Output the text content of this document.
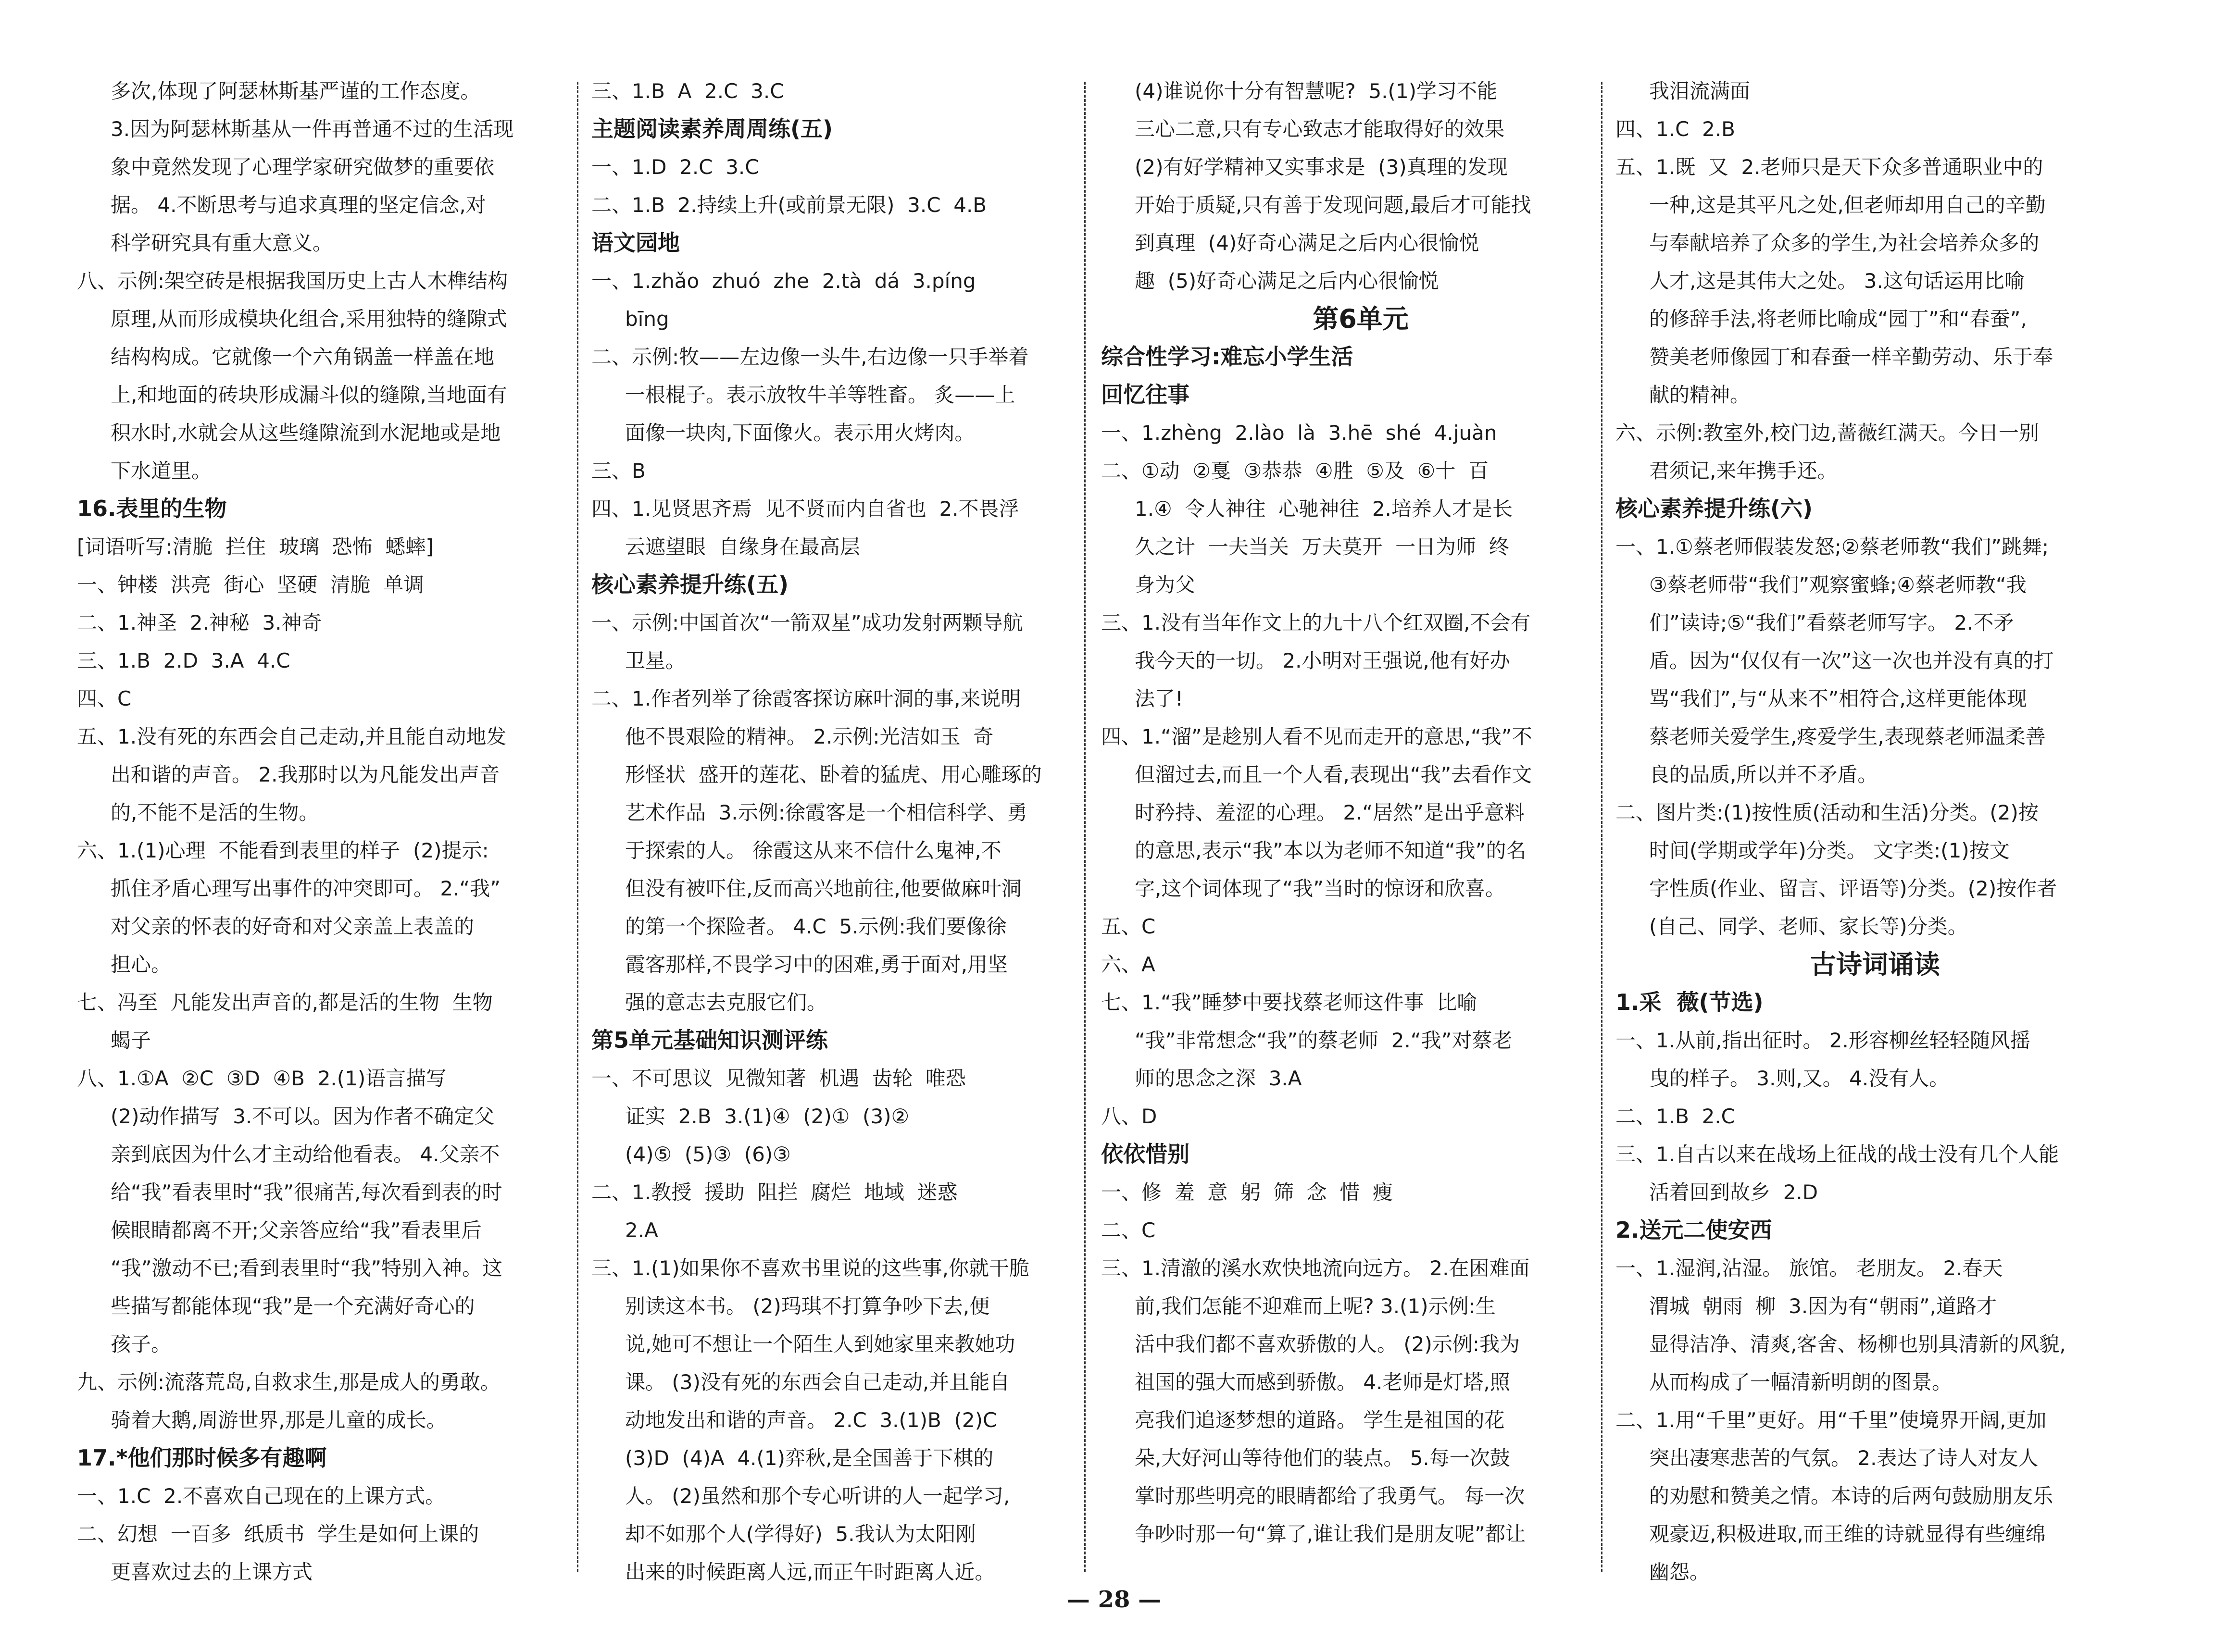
多次,体现了阿瑟林斯基严谨的工作态度。
3.因为阿瑟林斯基从一件再普通不过的生活现
象中竟然发现了心理学家研究做梦的重要依
据。 4.不断思考与追求真理的坚定信念,对
科学研究具有重大意义。
八、示例:架空砖是根据我国历史上古人木榫结构
原理,从而形成模块化组合,采用独特的缝隙式
结构构成。它就像一个六角锅盖一样盖在地
上,和地面的砖块形成漏斗似的缝隙,当地面有
积水时,水就会从这些缝隙流到水泥地或是地
下水道里。
16.表里的生物
[词语听写:清脆  拦住  玻璃  恐怖  蟋蟀]
一、钟楼  洪亮  街心  坚硬  清脆  单调
二、1.神圣  2.神秘  3.神奇
三、1.B  2.D  3.A  4.C
四、C
五、1.没有死的东西会自己走动,并且能自动地发
出和谐的声音。 2.我那时以为凡能发出声音
的,不能不是活的生物。
六、1.(1)心理  不能看到表里的样子  (2)提示:
抓住矛盾心理写出事件的冲突即可。 2.“我”
对父亲的怀表的好奇和对父亲盖上表盖的
担心。
七、冯至  凡能发出声音的,都是活的生物  生物
蝎子
八、1.①A  ②C  ③D  ④B  2.(1)语言描写
(2)动作描写  3.不可以。因为作者不确定父
亲到底因为什么才主动给他看表。 4.父亲不
给“我”看表里时“我”很痛苦,每次看到表的时
候眼睛都离不开;父亲答应给“我”看表里后
“我”激动不已;看到表里时“我”特别入神。这
些描写都能体现“我”是一个充满好奇心的
孩子。
九、示例:流落荒岛,自救求生,那是成人的勇敢。
骑着大鹅,周游世界,那是儿童的成长。
17.*他们那时候多有趣啊
一、1.C  2.不喜欢自己现在的上课方式。
二、幻想  一百多  纸质书  学生是如何上课的
更喜欢过去的上课方式
三、1.B  A  2.C  3.C
主题阅读素养周周练(五)
一、1.D  2.C  3.C
二、1.B  2.持续上升(或前景无限)  3.C  4.B
语文园地
一、1.zhǎo  zhuó  zhe  2.tà  dá  3.píng
bīng
二、示例:牧——左边像一头牛,右边像一只手举着
一根棍子。表示放牧牛羊等牲畜。 炙——上
面像一块肉,下面像火。表示用火烤肉。
三、B
四、1.见贤思齐焉  见不贤而内自省也  2.不畏浮
云遮望眼  自缘身在最高层
核心素养提升练(五)
一、示例:中国首次“一箭双星”成功发射两颗导航
卫星。
二、1.作者列举了徐霞客探访麻叶洞的事,来说明
他不畏艰险的精神。 2.示例:光洁如玉  奇
形怪状  盛开的莲花、卧着的猛虎、用心雕琢的
艺术作品  3.示例:徐霞客是一个相信科学、勇
于探索的人。 徐霞这从来不信什么鬼神,不
但没有被吓住,反而高兴地前往,他要做麻叶洞
的第一个探险者。 4.C  5.示例:我们要像徐
霞客那样,不畏学习中的困难,勇于面对,用坚
强的意志去克服它们。
第5单元基础知识测评练
一、不可思议  见微知著  机遇  齿轮  唯恐
证实  2.B  3.(1)④  (2)①  (3)②
(4)⑤  (5)③  (6)③
二、1.教授  援助  阻拦  腐烂  地域  迷惑
2.A
三、1.(1)如果你不喜欢书里说的这些事,你就干脆
别读这本书。 (2)玛琪不打算争吵下去,便
说,她可不想让一个陌生人到她家里来教她功
课。 (3)没有死的东西会自己走动,并且能自
动地发出和谐的声音。 2.C  3.(1)B  (2)C
(3)D  (4)A  4.(1)弈秋,是全国善于下棋的
人。 (2)虽然和那个专心听讲的人一起学习,
却不如那个人(学得好)  5.我认为太阳刚
出来的时候距离人远,而正午时距离人近。
(4)谁说你十分有智慧呢?  5.(1)学习不能
三心二意,只有专心致志才能取得好的效果
(2)有好学精神又实事求是  (3)真理的发现
开始于质疑,只有善于发现问题,最后才可能找
到真理  (4)好奇心满足之后内心很愉悦
趣  (5)好奇心满足之后内心很愉悦
第6单元
综合性学习:难忘小学生活
回忆往事
一、1.zhèng  2.lào  là  3.hē  shé  4.juàn
二、①动  ②戛  ③恭恭  ④胜  ⑤及  ⑥十  百
1.④  令人神往  心驰神往  2.培养人才是长
久之计  一夫当关  万夫莫开  一日为师  终
身为父
三、1.没有当年作文上的九十八个红双圈,不会有
我今天的一切。 2.小明对王强说,他有好办
法了!
四、1.“溜”是趁别人看不见而走开的意思,“我”不
但溜过去,而且一个人看,表现出“我”去看作文
时矜持、羞涩的心理。 2.“居然”是出乎意料
的意思,表示“我”本以为老师不知道“我”的名
字,这个词体现了“我”当时的惊讶和欣喜。
五、C
六、A
七、1.“我”睡梦中要找蔡老师这件事  比喻
“我”非常想念“我”的蔡老师  2.“我”对蔡老
师的思念之深  3.A
八、D
依依惜别
一、修  羞  意  躬  筛  念  惜  瘦
二、C
三、1.清澈的溪水欢快地流向远方。 2.在困难面
前,我们怎能不迎难而上呢? 3.(1)示例:生
活中我们都不喜欢骄傲的人。 (2)示例:我为
祖国的强大而感到骄傲。 4.老师是灯塔,照
亮我们追逐梦想的道路。 学生是祖国的花
朵,大好河山等待他们的装点。 5.每一次鼓
掌时那些明亮的眼睛都给了我勇气。 每一次
争吵时那一句“算了,谁让我们是朋友呢”都让
我泪流满面
四、1.C  2.B
五、1.既  又  2.老师只是天下众多普通职业中的
一种,这是其平凡之处,但老师却用自己的辛勤
与奉献培养了众多的学生,为社会培养众多的
人才,这是其伟大之处。 3.这句话运用比喻
的修辞手法,将老师比喻成“园丁”和“春蚕”,
赞美老师像园丁和春蚕一样辛勤劳动、乐于奉
献的精神。
六、示例:教室外,校门边,蔷薇红满天。今日一别
君须记,来年携手还。
核心素养提升练(六)
一、1.①蔡老师假装发怒;②蔡老师教“我们”跳舞;
③蔡老师带“我们”观察蜜蜂;④蔡老师教“我
们”读诗;⑤“我们”看蔡老师写字。 2.不矛
盾。因为“仅仅有一次”这一次也并没有真的打
骂“我们”,与“从来不”相符合,这样更能体现
蔡老师关爱学生,疼爱学生,表现蔡老师温柔善
良的品质,所以并不矛盾。
二、图片类:(1)按性质(活动和生活)分类。(2)按
时间(学期或学年)分类。 文字类:(1)按文
字性质(作业、留言、评语等)分类。(2)按作者
(自己、同学、老师、家长等)分类。
古诗词诵读
1.采  薇(节选)
一、1.从前,指出征时。 2.形容柳丝轻轻随风摇
曳的样子。 3.则,又。 4.没有人。
二、1.B  2.C
三、1.自古以来在战场上征战的战士没有几个人能
活着回到故乡  2.D
2.送元二使安西
一、1.湿润,沾湿。 旅馆。 老朋友。 2.春天
渭城  朝雨  柳  3.因为有“朝雨”,道路才
显得洁净、清爽,客舍、杨柳也别具清新的风貌,
从而构成了一幅清新明朗的图景。
二、1.用“千里”更好。用“千里”使境界开阔,更加
突出凄寒悲苦的气氛。 2.表达了诗人对友人
的劝慰和赞美之情。本诗的后两句鼓励朋友乐
观豪迈,积极进取,而王维的诗就显得有些缠绵
幽怨。
— 28 —
